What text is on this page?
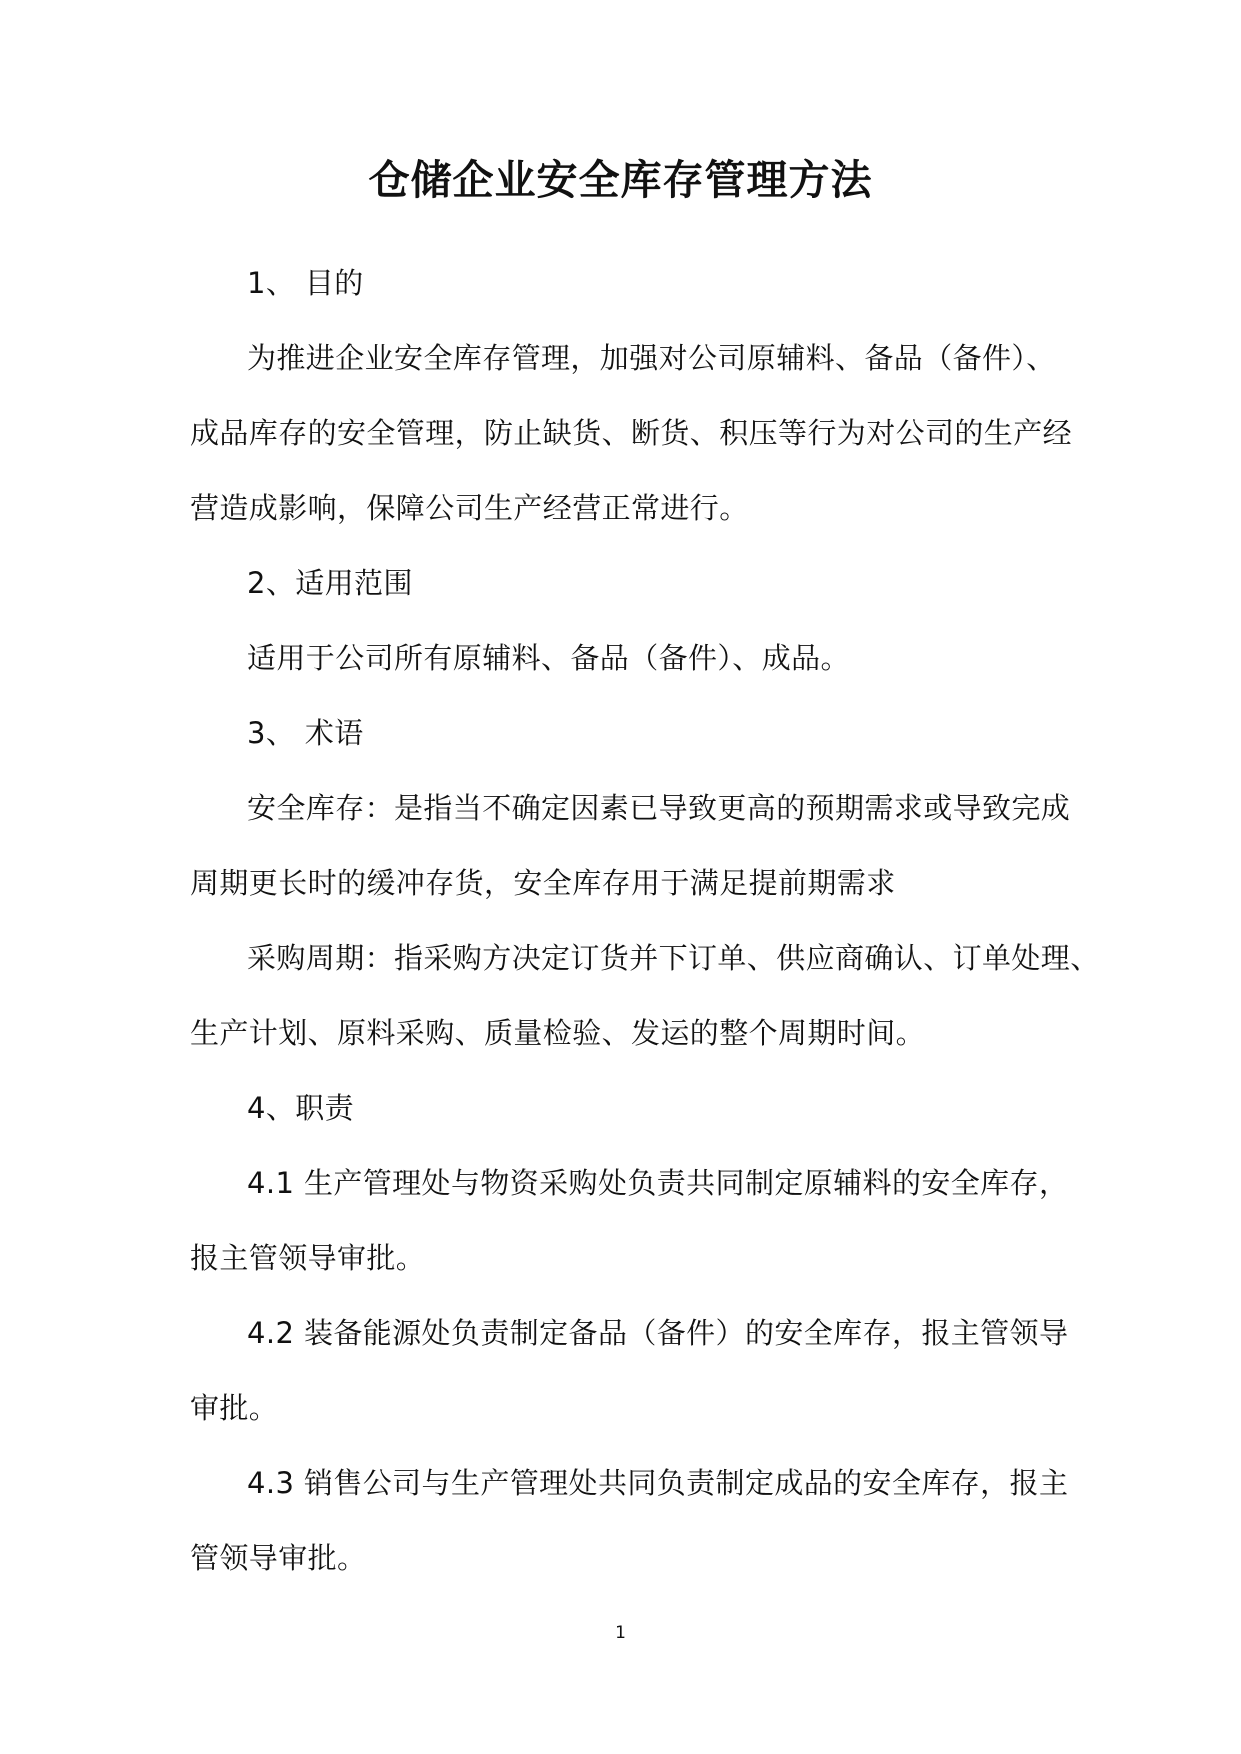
仓储企业安全库存管理方法

1、 目的

为推进企业安全库存管理，加强对公司原辅料、备品（备件）、

成品库存的安全管理，防止缺货、断货、积压等行为对公司的生产经

营造成影响，保障公司生产经营正常进行。

2、适用范围

适用于公司所有原辅料、备品（备件）、成品。

3、 术语

安全库存：是指当不确定因素已导致更高的预期需求或导致完成

周期更长时的缓冲存货，安全库存用于满足提前期需求

采购周期：指采购方决定订货并下订单、供应商确认、订单处理、

生产计划、原料采购、质量检验、发运的整个周期时间。

4、职责

4.1 生产管理处与物资采购处负责共同制定原辅料的安全库存，

报主管领导审批。

4.2 装备能源处负责制定备品（备件）的安全库存，报主管领导

审批。

4.3 销售公司与生产管理处共同负责制定成品的安全库存，报主

管领导审批。

1
